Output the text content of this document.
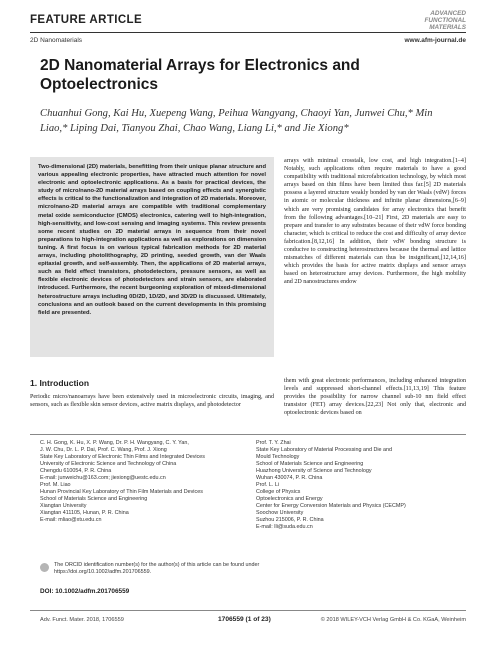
FEATURE ARTICLE
ADVANCED
FUNCTIONAL
MATERIALS
2D Nanomaterials	www.afm-journal.de
2D Nanomaterial Arrays for Electronics and Optoelectronics
Chuanhui Gong, Kai Hu, Xuepeng Wang, Peihua Wangyang, Chaoyi Yan, Junwei Chu,* Min Liao,* Liping Dai, Tianyou Zhai, Chao Wang, Liang Li,* and Jie Xiong*

Two-dimensional (2D) materials, benefitting from their unique planar structure and various appealing electronic properties, have attracted much attention for novel electronic and optoelectronic applications. As a basis for practical devices, the study of micro/nano-2D material arrays based on coupling effects and synergistic effects is critical to the functionalization and integration of 2D materials. Moreover, micro/nano-2D material arrays are compatible with traditional complementary metal oxide semiconductor (CMOS) electronics, catering well to high-integration, high-sensitivity, and low-cost sensing and imaging systems. This review presents some recent studies on 2D material arrays in sequence from their novel preparations to high-integration applications as well as explorations on dimension tuning. A first focus is on various typical fabrication methods for 2D material arrays, including photolithography, 2D printing, seeded growth, van der Waals epitaxial growth, and self-assembly. Then, the applications of 2D material arrays, such as field effect transistors, photodetectors, pressure sensors, as well as flexible electronic devices of photodetectors and strain sensors, are elaborated introduced. Furthermore, the recent burgeoning exploration of mixed-dimensional heterostructure arrays including 0D/2D, 1D/2D, and 3D/2D is discussed. Ultimately, conclusions and an outlook based on the current developments in this promising field are presented.

arrays with minimal crosstalk, low cost, and high integration.[1–4] Notably, such applications often require materials to have a good compatibility with traditional microfabrication technology, by which most arrays based on thin films have been limited thus far.[5] 2D materials possess a layered structure weakly bonded by van der Waals (vdW) forces in atomic or molecular thickness and infinite planar dimensions,[6–9] which are very promising candidates for array electronics that benefit from the following advantages.[10–21] First, 2D materials are easy to prepare and transfer to any substrates because of their vdW force bonding character, which is critical to reduce the cost and difficulty of array device fabrication.[8,12,16] In addition, their vdW bonding structure is conducive to constructing heterostructures because the thermal and lattice mismatches of different materials can thus be insignificant,[12,14,16] which provides the basis for active matrix displays and sensor arrays based on heterostructure array devices. Furthermore, the high mobility and 2D nanostructures endow

1. Introduction

Periodic micro/nanoarrays have been extensively used in microelectronic circuits, imaging, and sensors, such as flexible skin sensor devices, active matrix displays, and photodetector

them with great electronic performances, including enhanced integration levels and suppressed short-channel effects.[11,13,19] This feature provides the possibility for narrow channel sub-10 nm field effect transistor (FET) array devices.[22,23] Not only that, electronic and optoelectronic devices based on

C. H. Gong, K. Hu, X. P. Wang, Dr. P. H. Wangyang, C. Y. Yan,
J. W. Chu, Dr. L. P. Dai, Prof. C. Wang, Prof. J. Xiong
State Key Laboratory of Electronic Thin Films and Integrated Devices
University of Electronic Science and Technology of China
Chengdu 610054, P. R. China
E-mail: junweichu@163.com; jiexiong@uestc.edu.cn
Prof. M. Liao
Hunan Provincial Key Laboratory of Thin Film Materials and Devices
School of Materials Science and Engineering
Xiangtan University
Xiangtan 411105, Hunan, P. R. China
E-mail: mliao@xtu.edu.cn
Prof. T. Y. Zhai
State Key Laboratory of Material Processing and Die and
Mould Technology
School of Materials Science and Engineering
Huazhong University of Science and Technology
Wuhan 430074, P. R. China
Prof. L. Li
College of Physics
Optoelectronics and Energy
Center for Energy Conversion Materials and Physics (CECMP)
Soochow University
Suzhou 215006, P. R. China
E-mail: lli@suda.edu.cn
The ORCID identification number(s) for the author(s) of this article can be found under https://doi.org/10.1002/adfm.201706559.
DOI: 10.1002/adfm.201706559
Adv. Funct. Mater. 2018, 1706559	1706559 (1 of 23)	© 2018 WILEY-VCH Verlag GmbH & Co. KGaA, Weinheim
